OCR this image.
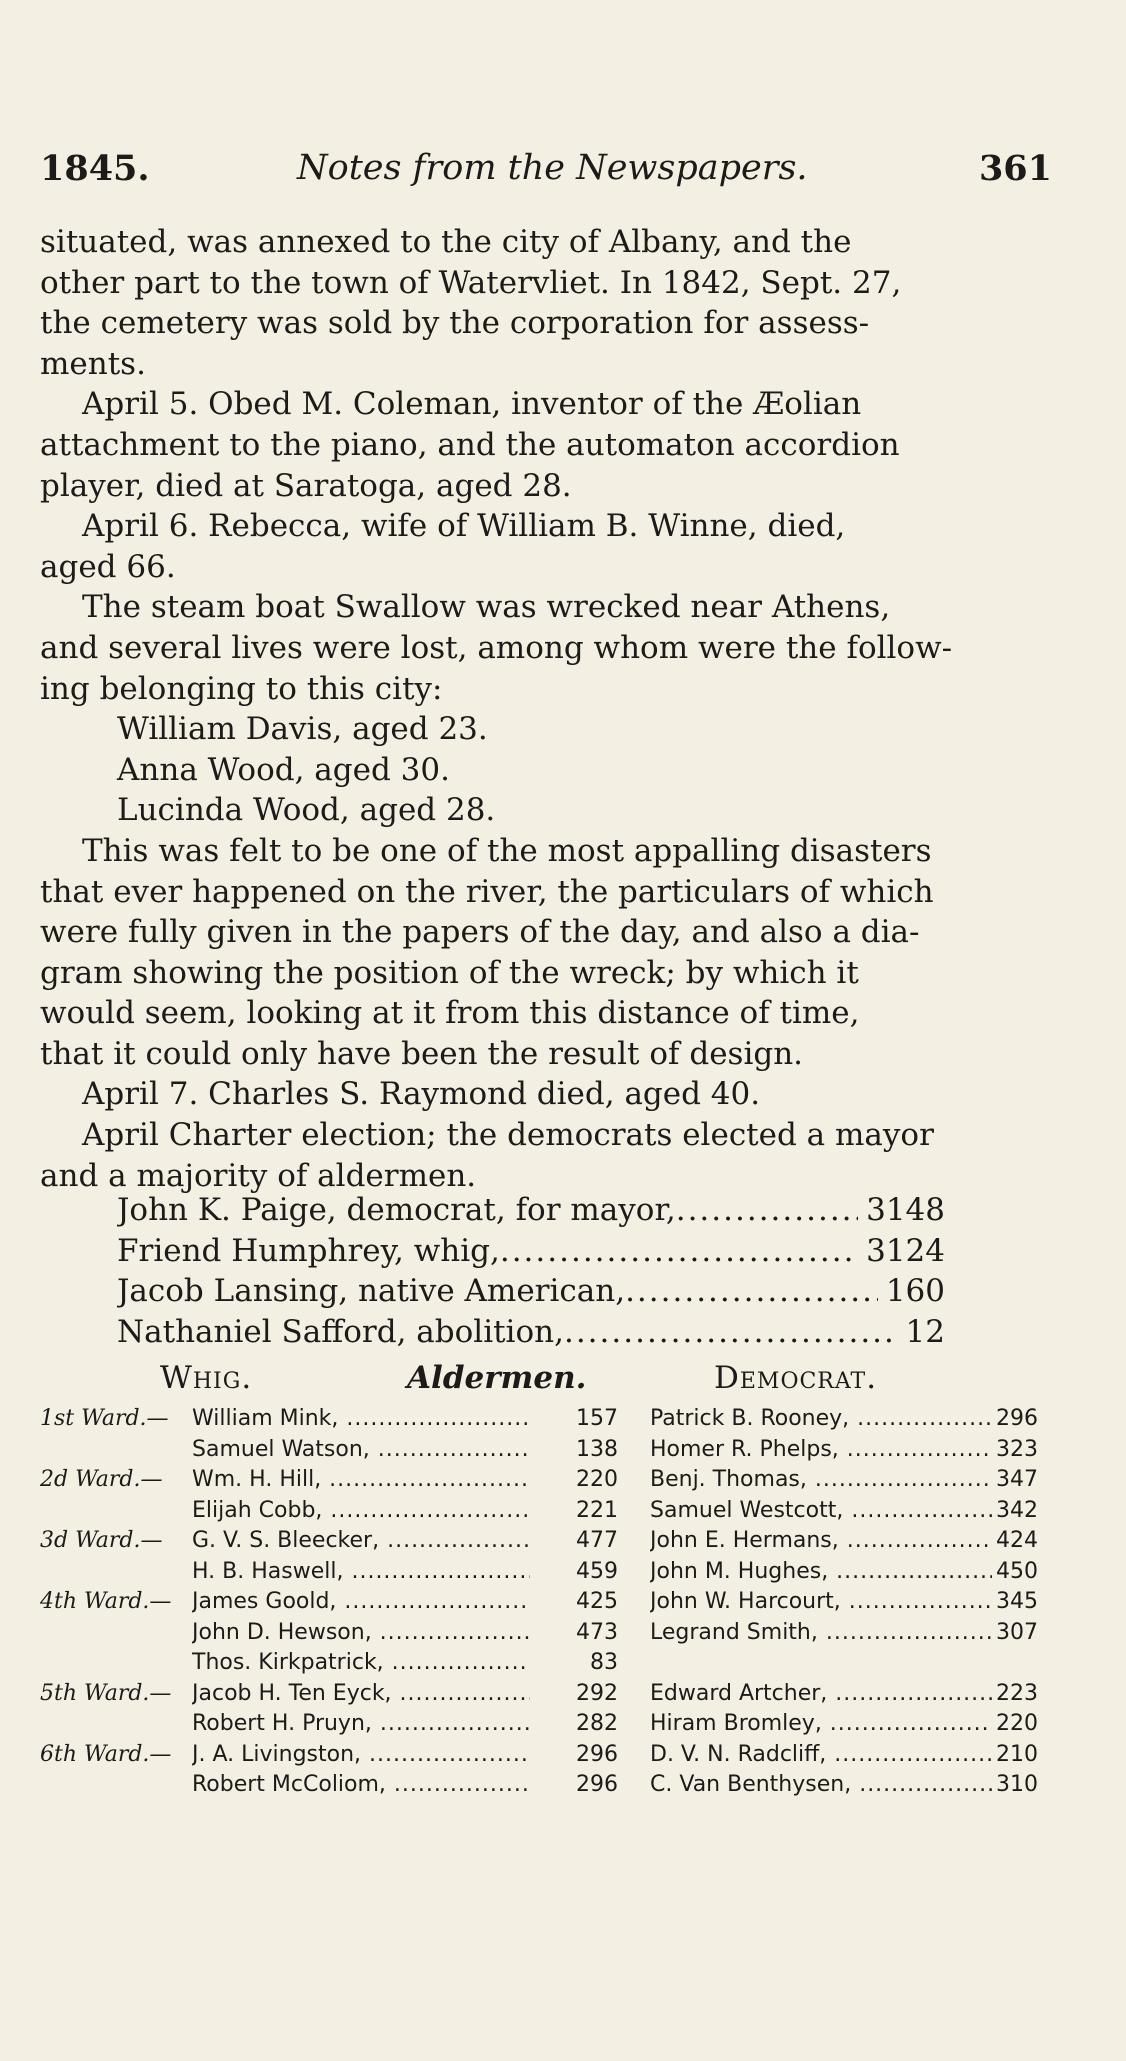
1845.	Notes from the Newspapers.	361

situated, was annexed to the city of Albany, and the

other part to the town of Watervliet. In 1842, Sept. 27,

the cemetery was sold by the corporation for assess-

ments.

April 5. Obed M. Coleman, inventor of the Æolian

attachment to the piano, and the automaton accordion

player, died at Saratoga, aged 28.

April 6. Rebecca, wife of William B. Winne, died,

aged 66.

The steam boat Swallow was wrecked near Athens,

and several lives were lost, among whom were the follow-

ing belonging to this city:

William Davis, aged 23.

Anna Wood, aged 30.

Lucinda Wood, aged 28.

This was felt to be one of the most appalling disasters

that ever happened on the river, the particulars of which

were fully given in the papers of the day, and also a dia-

gram showing the position of the wreck; by which it

would seem, looking at it from this distance of time,

that it could only have been the result of design.

April 7. Charles S. Raymond died, aged 40.

April Charter election; the democrats elected a mayor

and a majority of aldermen.

John K. Paige, democrat, for mayor, .....	3148
Friend Humphrey, whig, .....	3124
Jacob Lansing, native American, .....	160
Nathaniel Safford, abolition, .....	12
Whig.	Aldermen.	Democrat.
1st Ward.— William Mink, .....	157 Patrick B. Rooney, .....	296
Samuel Watson, .....	138 Homer R. Phelps, .....	323
2d Ward.— Wm. H. Hill, .....	220 Benj. Thomas, .....	347
Elijah Cobb, .....	221 Samuel Westcott, .....	342
3d Ward.— G. V. S. Bleecker, .....	477 John E. Hermans, .....	424
H. B. Haswell, .....	459 John M. Hughes, .....	450
4th Ward.— James Goold, .....	425 John W. Harcourt, .....	345
John D. Hewson, .....	473 Legrand Smith, .....	307
Thos. Kirkpatrick, .....	83
5th Ward.— Jacob H. Ten Eyck, .....	292 Edward Artcher, .....	223
Robert H. Pruyn, .....	282 Hiram Bromley, .....	220
6th Ward.— J. A. Livingston, .....	296 D. V. N. Radcliff, .....	210
Robert McColiom, .....	296 C. Van Benthysen, .....	310
